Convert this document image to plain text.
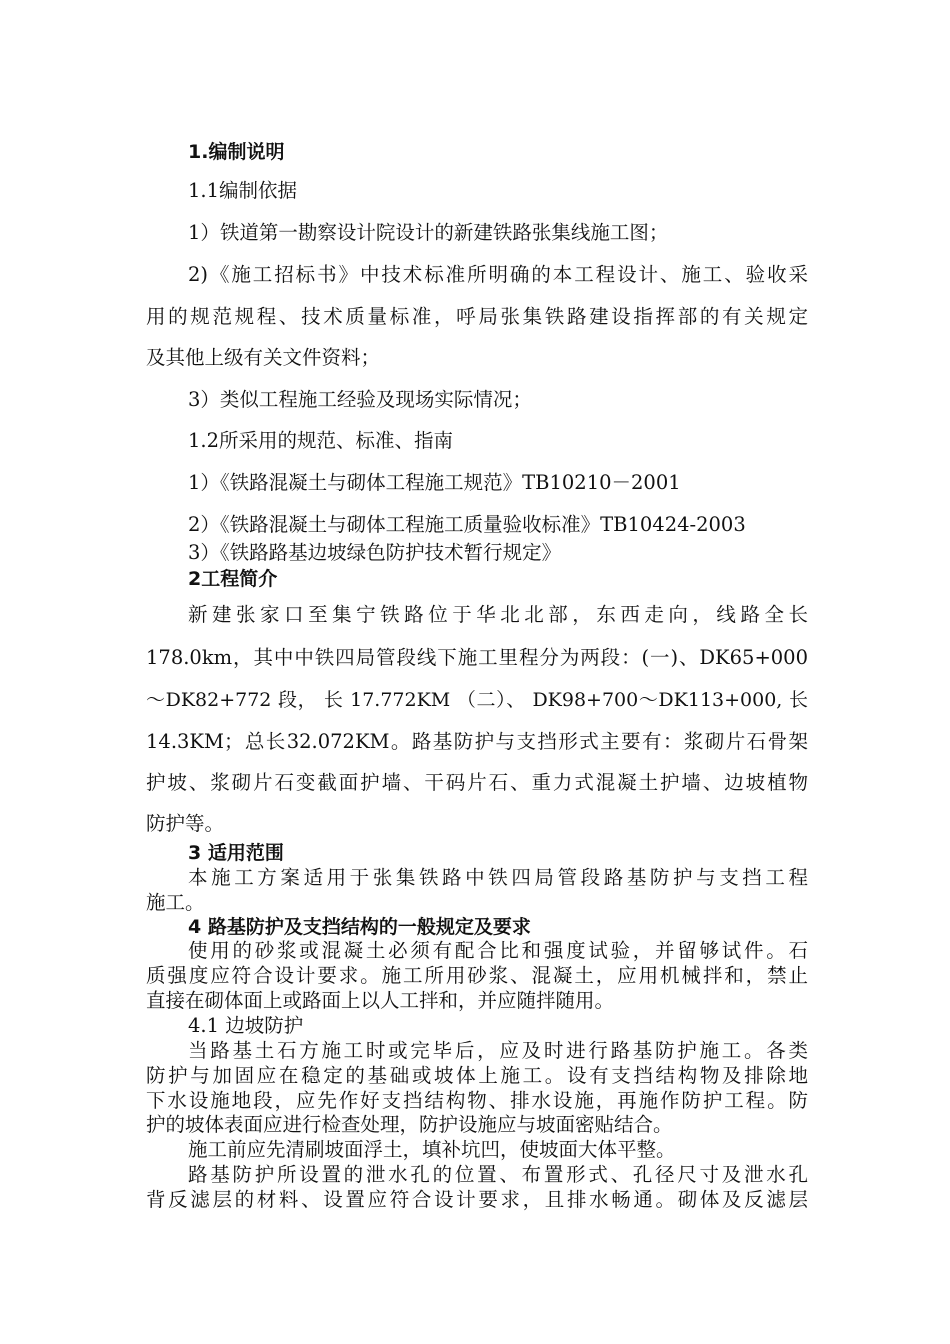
1.编制说明

1.1编制依据

1）铁道第一勘察设计院设计的新建铁路张集线施工图；

2)《施工招标书》中技术标准所明确的本工程设计、施工、验收采

用的规范规程、技术质量标准，呼局张集铁路建设指挥部的有关规定

及其他上级有关文件资料；

3）类似工程施工经验及现场实际情况；

1.2所采用的规范、标准、指南

1）《铁路混凝土与砌体工程施工规范》TB10210－2001

2）《铁路混凝土与砌体工程施工质量验收标准》TB10424-2003

3）《铁路路基边坡绿色防护技术暂行规定》

2工程简介

新建张家口至集宁铁路位于华北北部，东西走向，线路全长

178.0km，其中中铁四局管段线下施工里程分为两段：(一)、DK65+000

～DK82+772 段， 长 17.772KM （二）、 DK98+700～DK113+000, 长

14.3KM；总长32.072KM。路基防护与支挡形式主要有：浆砌片石骨架

护坡、浆砌片石变截面护墙、干码片石、重力式混凝土护墙、边坡植物

防护等。

3 适用范围

本施工方案适用于张集铁路中铁四局管段路基防护与支挡工程

施工。

4 路基防护及支挡结构的一般规定及要求

使用的砂浆或混凝土必须有配合比和强度试验，并留够试件。石

质强度应符合设计要求。施工所用砂浆、混凝土，应用机械拌和，禁止

直接在砌体面上或路面上以人工拌和，并应随拌随用。

4.1 边坡防护

当路基土石方施工时或完毕后，应及时进行路基防护施工。各类

防护与加固应在稳定的基础或坡体上施工。设有支挡结构物及排除地

下水设施地段，应先作好支挡结构物、排水设施，再施作防护工程。防

护的坡体表面应进行检查处理，防护设施应与坡面密贴结合。

施工前应先清刷坡面浮土，填补坑凹，使坡面大体平整。

路基防护所设置的泄水孔的位置、布置形式、孔径尺寸及泄水孔

背反滤层的材料、设置应符合设计要求，且排水畅通。砌体及反滤层
